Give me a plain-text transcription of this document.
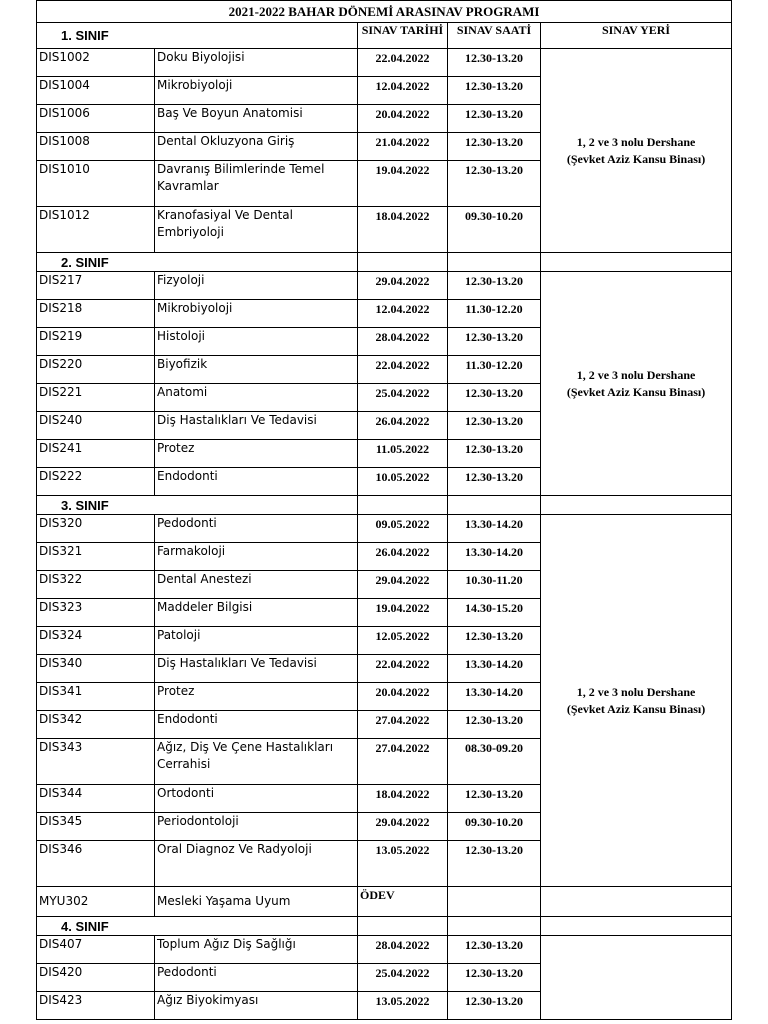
2021-2022 BAHAR DÖNEMİ ARASINAV PROGRAMI				
1. SINIF		SINAV TARİHİ	SINAV SAATİ	SINAV YERİ
DIS1002	Doku Biyolojisi	22.04.2022	12.30-13.20	1, 2 ve 3 nolu Dershane
(Şevket Aziz Kansu Binası)

DIS1004	Mikrobiyoloji	12.04.2022	12.30-13.20	
DIS1006	Baş Ve Boyun Anatomisi	20.04.2022	12.30-13.20	
DIS1008	Dental Okluzyona Giriş	21.04.2022	12.30-13.20	
DIS1010	Davranış Bilimlerinde Temel Kavramlar	19.04.2022	12.30-13.20	
DIS1012	Kranofasiyal Ve Dental Embriyoloji	18.04.2022	09.30-10.20	
2. SINIF				
DIS217	Fizyoloji	29.04.2022	12.30-13.20	1, 2 ve 3 nolu Dershane
(Şevket Aziz Kansu Binası)

DIS218	Mikrobiyoloji	12.04.2022	11.30-12.20	
DIS219	Histoloji	28.04.2022	12.30-13.20	
DIS220	Biyofizik	22.04.2022	11.30-12.20	
DIS221	Anatomi	25.04.2022	12.30-13.20	
DIS240	Diş Hastalıkları Ve Tedavisi	26.04.2022	12.30-13.20	
DIS241	Protez	11.05.2022	12.30-13.20	
DIS222	Endodonti	10.05.2022	12.30-13.20	
3. SINIF				
DIS320	Pedodonti	09.05.2022	13.30-14.20	1, 2 ve 3 nolu Dershane
(Şevket Aziz Kansu Binası)

DIS321	Farmakoloji	26.04.2022	13.30-14.20	
DIS322	Dental Anestezi	29.04.2022	10.30-11.20	
DIS323	Maddeler Bilgisi	19.04.2022	14.30-15.20	
DIS324	Patoloji	12.05.2022	12.30-13.20	
DIS340	Diş Hastalıkları Ve Tedavisi	22.04.2022	13.30-14.20	
DIS341	Protez	20.04.2022	13.30-14.20	
DIS342	Endodonti	27.04.2022	12.30-13.20	
DIS343	Ağız, Diş Ve Çene Hastalıkları Cerrahisi	27.04.2022	08.30-09.20	
DIS344	Ortodonti	18.04.2022	12.30-13.20	
DIS345	Periodontoloji	29.04.2022	09.30-10.20	
DIS346	Oral Diagnoz Ve Radyoloji	13.05.2022	12.30-13.20	
MYU302	Mesleki Yaşama Uyum	ÖDEV		
4. SINIF				
DIS407	Toplum Ağız Diş Sağlığı	28.04.2022	12.30-13.20	
DIS420	Pedodonti	25.04.2022	12.30-13.20	
DIS423	Ağız Biyokimyası	13.05.2022	12.30-13.20	
